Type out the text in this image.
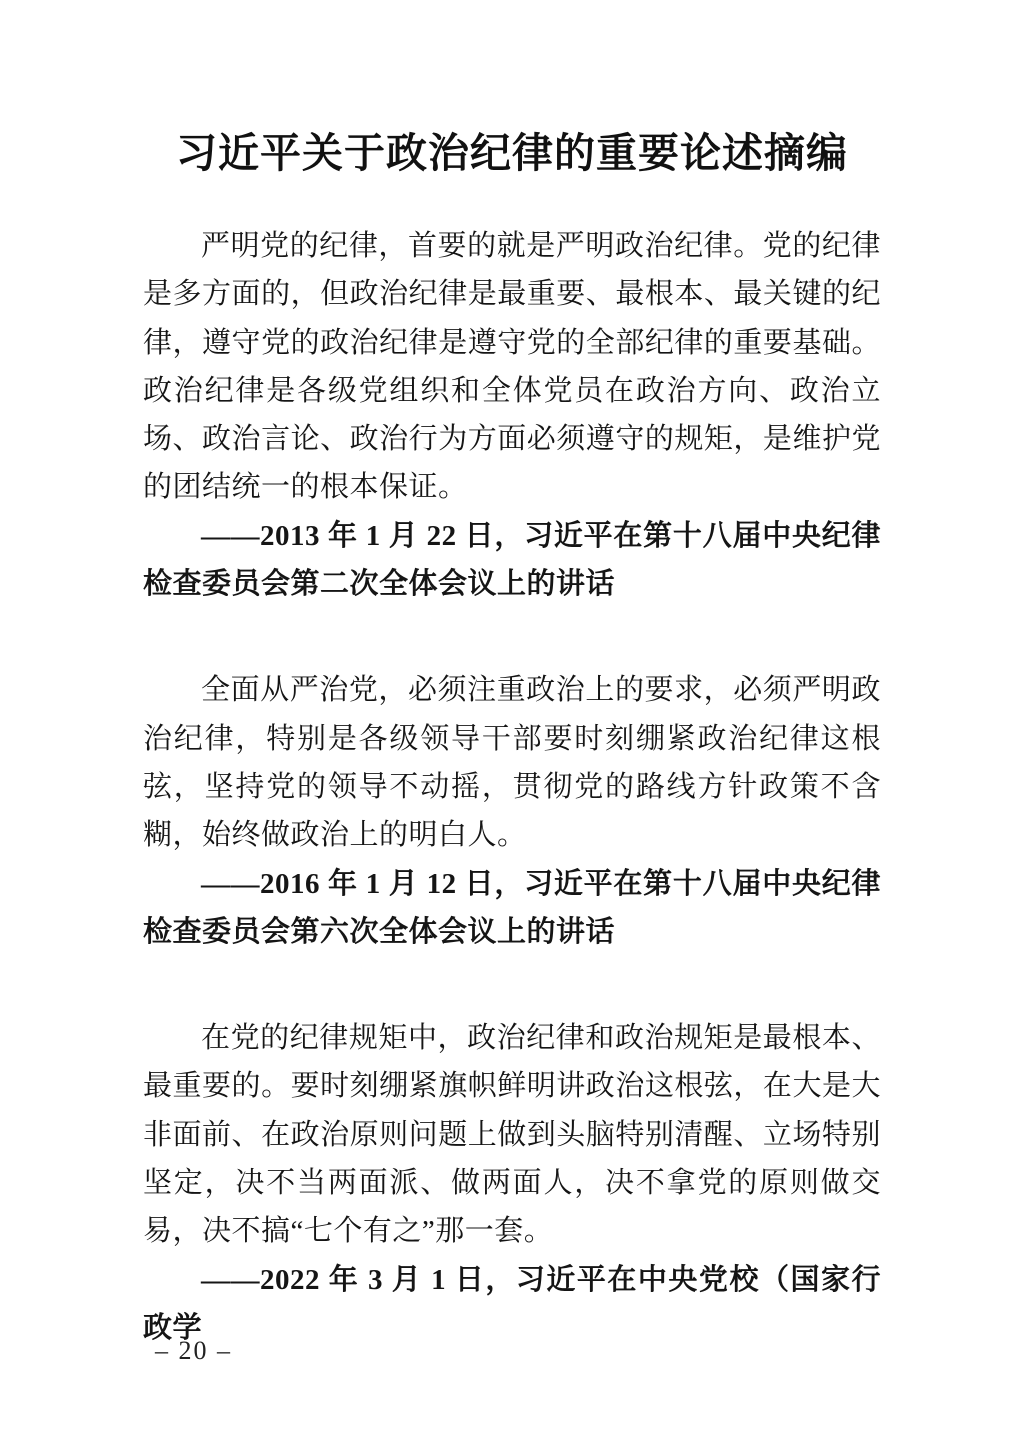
习近平关于政治纪律的重要论述摘编

严明党的纪律，首要的就是严明政治纪律。党的纪律是多方面的，但政治纪律是最重要、最根本、最关键的纪律，遵守党的政治纪律是遵守党的全部纪律的重要基础。政治纪律是各级党组织和全体党员在政治方向、政治立场、政治言论、政治行为方面必须遵守的规矩，是维护党的团结统一的根本保证。

——2013 年 1 月 22 日，习近平在第十八届中央纪律检查委员会第二次全体会议上的讲话

全面从严治党，必须注重政治上的要求，必须严明政治纪律，特别是各级领导干部要时刻绷紧政治纪律这根弦，坚持党的领导不动摇，贯彻党的路线方针政策不含糊，始终做政治上的明白人。

——2016 年 1 月 12 日，习近平在第十八届中央纪律检查委员会第六次全体会议上的讲话

在党的纪律规矩中，政治纪律和政治规矩是最根本、最重要的。要时刻绷紧旗帜鲜明讲政治这根弦，在大是大非面前、在政治原则问题上做到头脑特别清醒、立场特别坚定，决不当两面派、做两面人，决不拿党的原则做交易，决不搞“七个有之”那一套。

——2022 年 3 月 1 日，习近平在中央党校（国家行政学

– 20 –
